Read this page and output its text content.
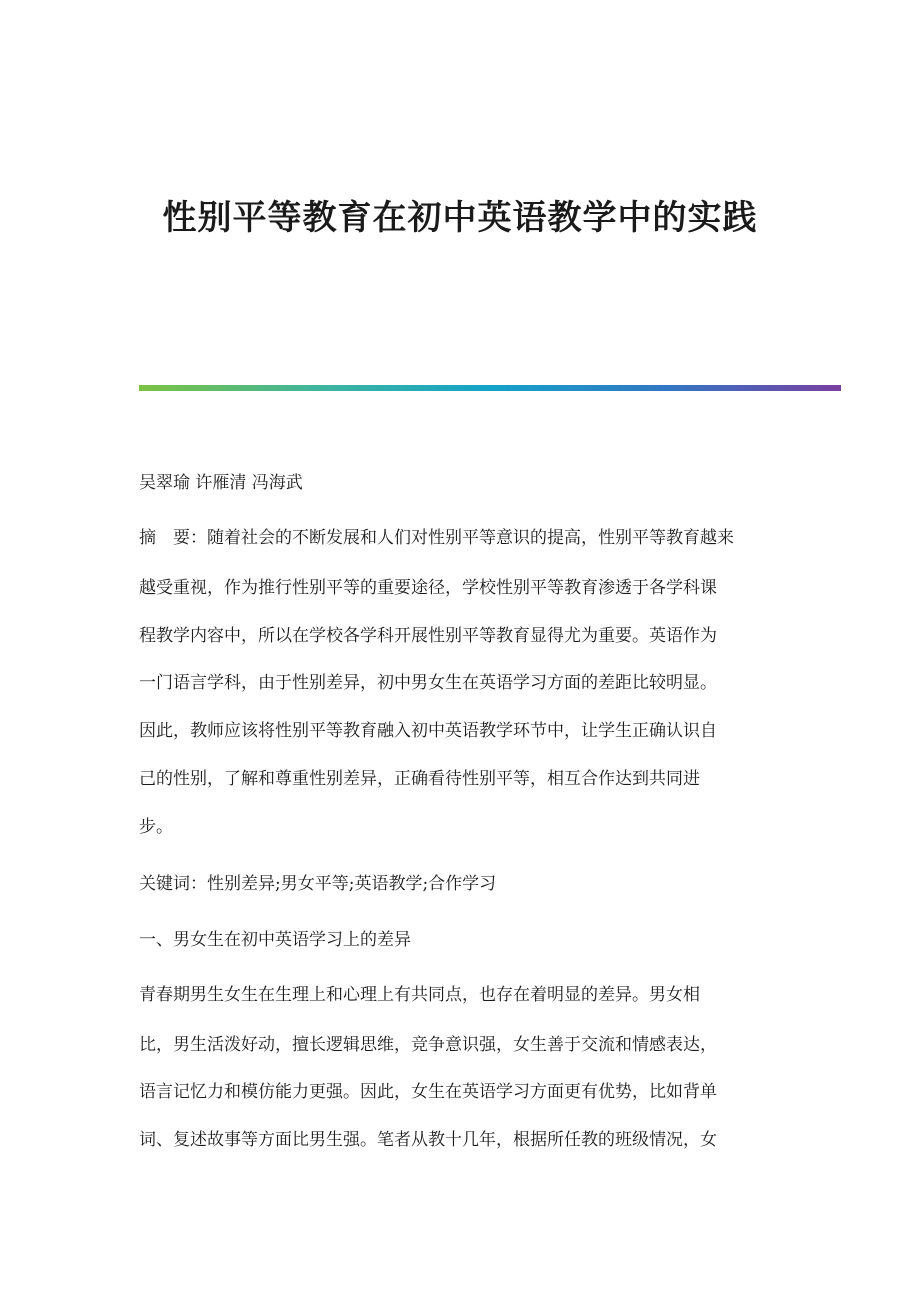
性别平等教育在初中英语教学中的实践

吴翠瑜 许雁清 冯海武

摘　要：随着社会的不断发展和人们对性别平等意识的提高，性别平等教育越来

越受重视，作为推行性别平等的重要途径，学校性别平等教育渗透于各学科课

程教学内容中，所以在学校各学科开展性别平等教育显得尤为重要。英语作为

一门语言学科，由于性别差异，初中男女生在英语学习方面的差距比较明显。

因此，教师应该将性别平等教育融入初中英语教学环节中，让学生正确认识自

己的性别，了解和尊重性别差异，正确看待性别平等，相互合作达到共同进

步。

关键词：性别差异;男女平等;英语教学;合作学习

一、男女生在初中英语学习上的差异

青春期男生女生在生理上和心理上有共同点，也存在着明显的差异。男女相

比，男生活泼好动，擅长逻辑思维，竞争意识强，女生善于交流和情感表达，

语言记忆力和模仿能力更强。因此，女生在英语学习方面更有优势，比如背单

词、复述故事等方面比男生强。笔者从教十几年，根据所任教的班级情况，女
